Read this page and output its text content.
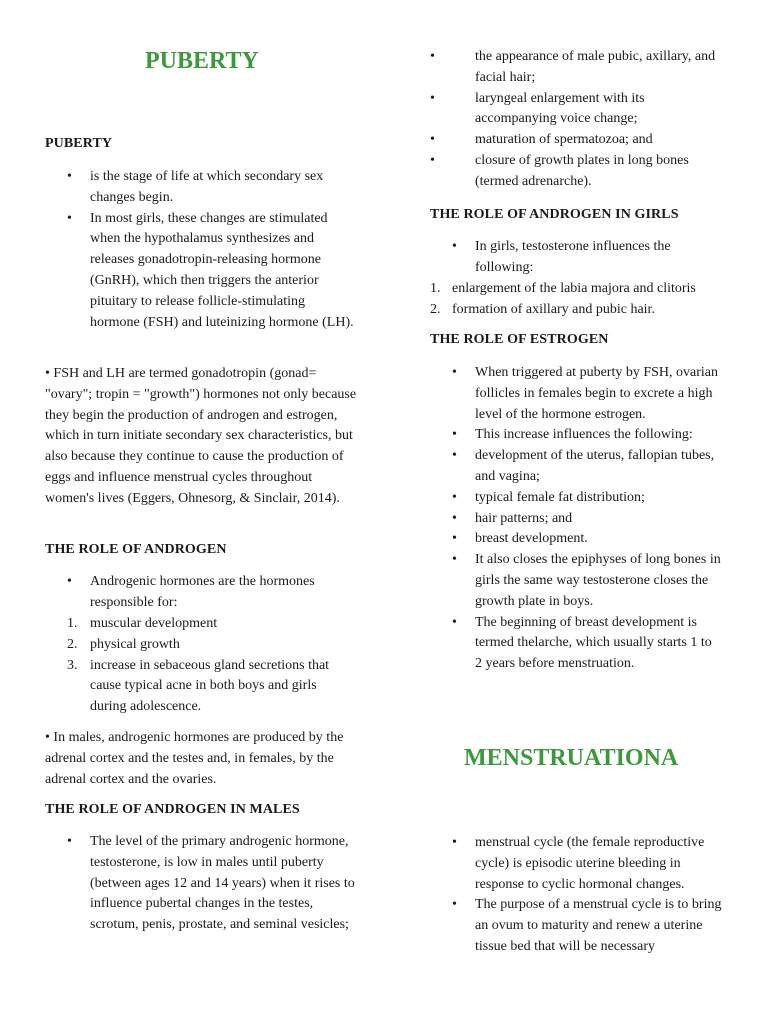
PUBERTY
PUBERTY
• is the stage of life at which secondary sex changes begin.
• In most girls, these changes are stimulated when the hypothalamus synthesizes and releases gonadotropin-releasing hormone (GnRH), which then triggers the anterior pituitary to release follicle-stimulating hormone (FSH) and luteinizing hormone (LH).

• FSH and LH are termed gonadotropin (gonad= "ovary"; tropin = "growth") hormones not only because they begin the production of androgen and estrogen, which in turn initiate secondary sex characteristics, but also because they continue to cause the production of eggs and influence menstrual cycles throughout women's lives (Eggers, Ohnesorg, & Sinclair, 2014).

THE ROLE OF ANDROGEN
• Androgenic hormones are the hormones responsible for:
1. muscular development
2. physical growth
3. increase in sebaceous gland secretions that cause typical acne in both boys and girls during adolescence.

• In males, androgenic hormones are produced by the adrenal cortex and the testes and, in females, by the adrenal cortex and the ovaries.

THE ROLE OF ANDROGEN IN MALES
• The level of the primary androgenic hormone, testosterone, is low in males until puberty (between ages 12 and 14 years) when it rises to influence pubertal changes in the testes, scrotum, penis, prostate, and seminal vesicles;
• the appearance of male pubic, axillary, and facial hair;
• laryngeal enlargement with its accompanying voice change;
• maturation of spermatozoa; and
• closure of growth plates in long bones (termed adrenarche).
THE ROLE OF ANDROGEN IN GIRLS
• In girls, testosterone influences the following:
1. enlargement of the labia majora and clitoris
2. formation of axillary and pubic hair.
THE ROLE OF ESTROGEN
• When triggered at puberty by FSH, ovarian follicles in females begin to excrete a high level of the hormone estrogen.
• This increase influences the following:
• development of the uterus, fallopian tubes, and vagina;
• typical female fat distribution;
• hair patterns; and
• breast development.
• It also closes the epiphyses of long bones in girls the same way testosterone closes the growth plate in boys.
• The beginning of breast development is termed thelarche, which usually starts 1 to 2 years before menstruation.
MENSTRUATIONA
• menstrual cycle (the female reproductive cycle) is episodic uterine bleeding in response to cyclic hormonal changes.
• The purpose of a menstrual cycle is to bring an ovum to maturity and renew a uterine tissue bed that will be necessary
